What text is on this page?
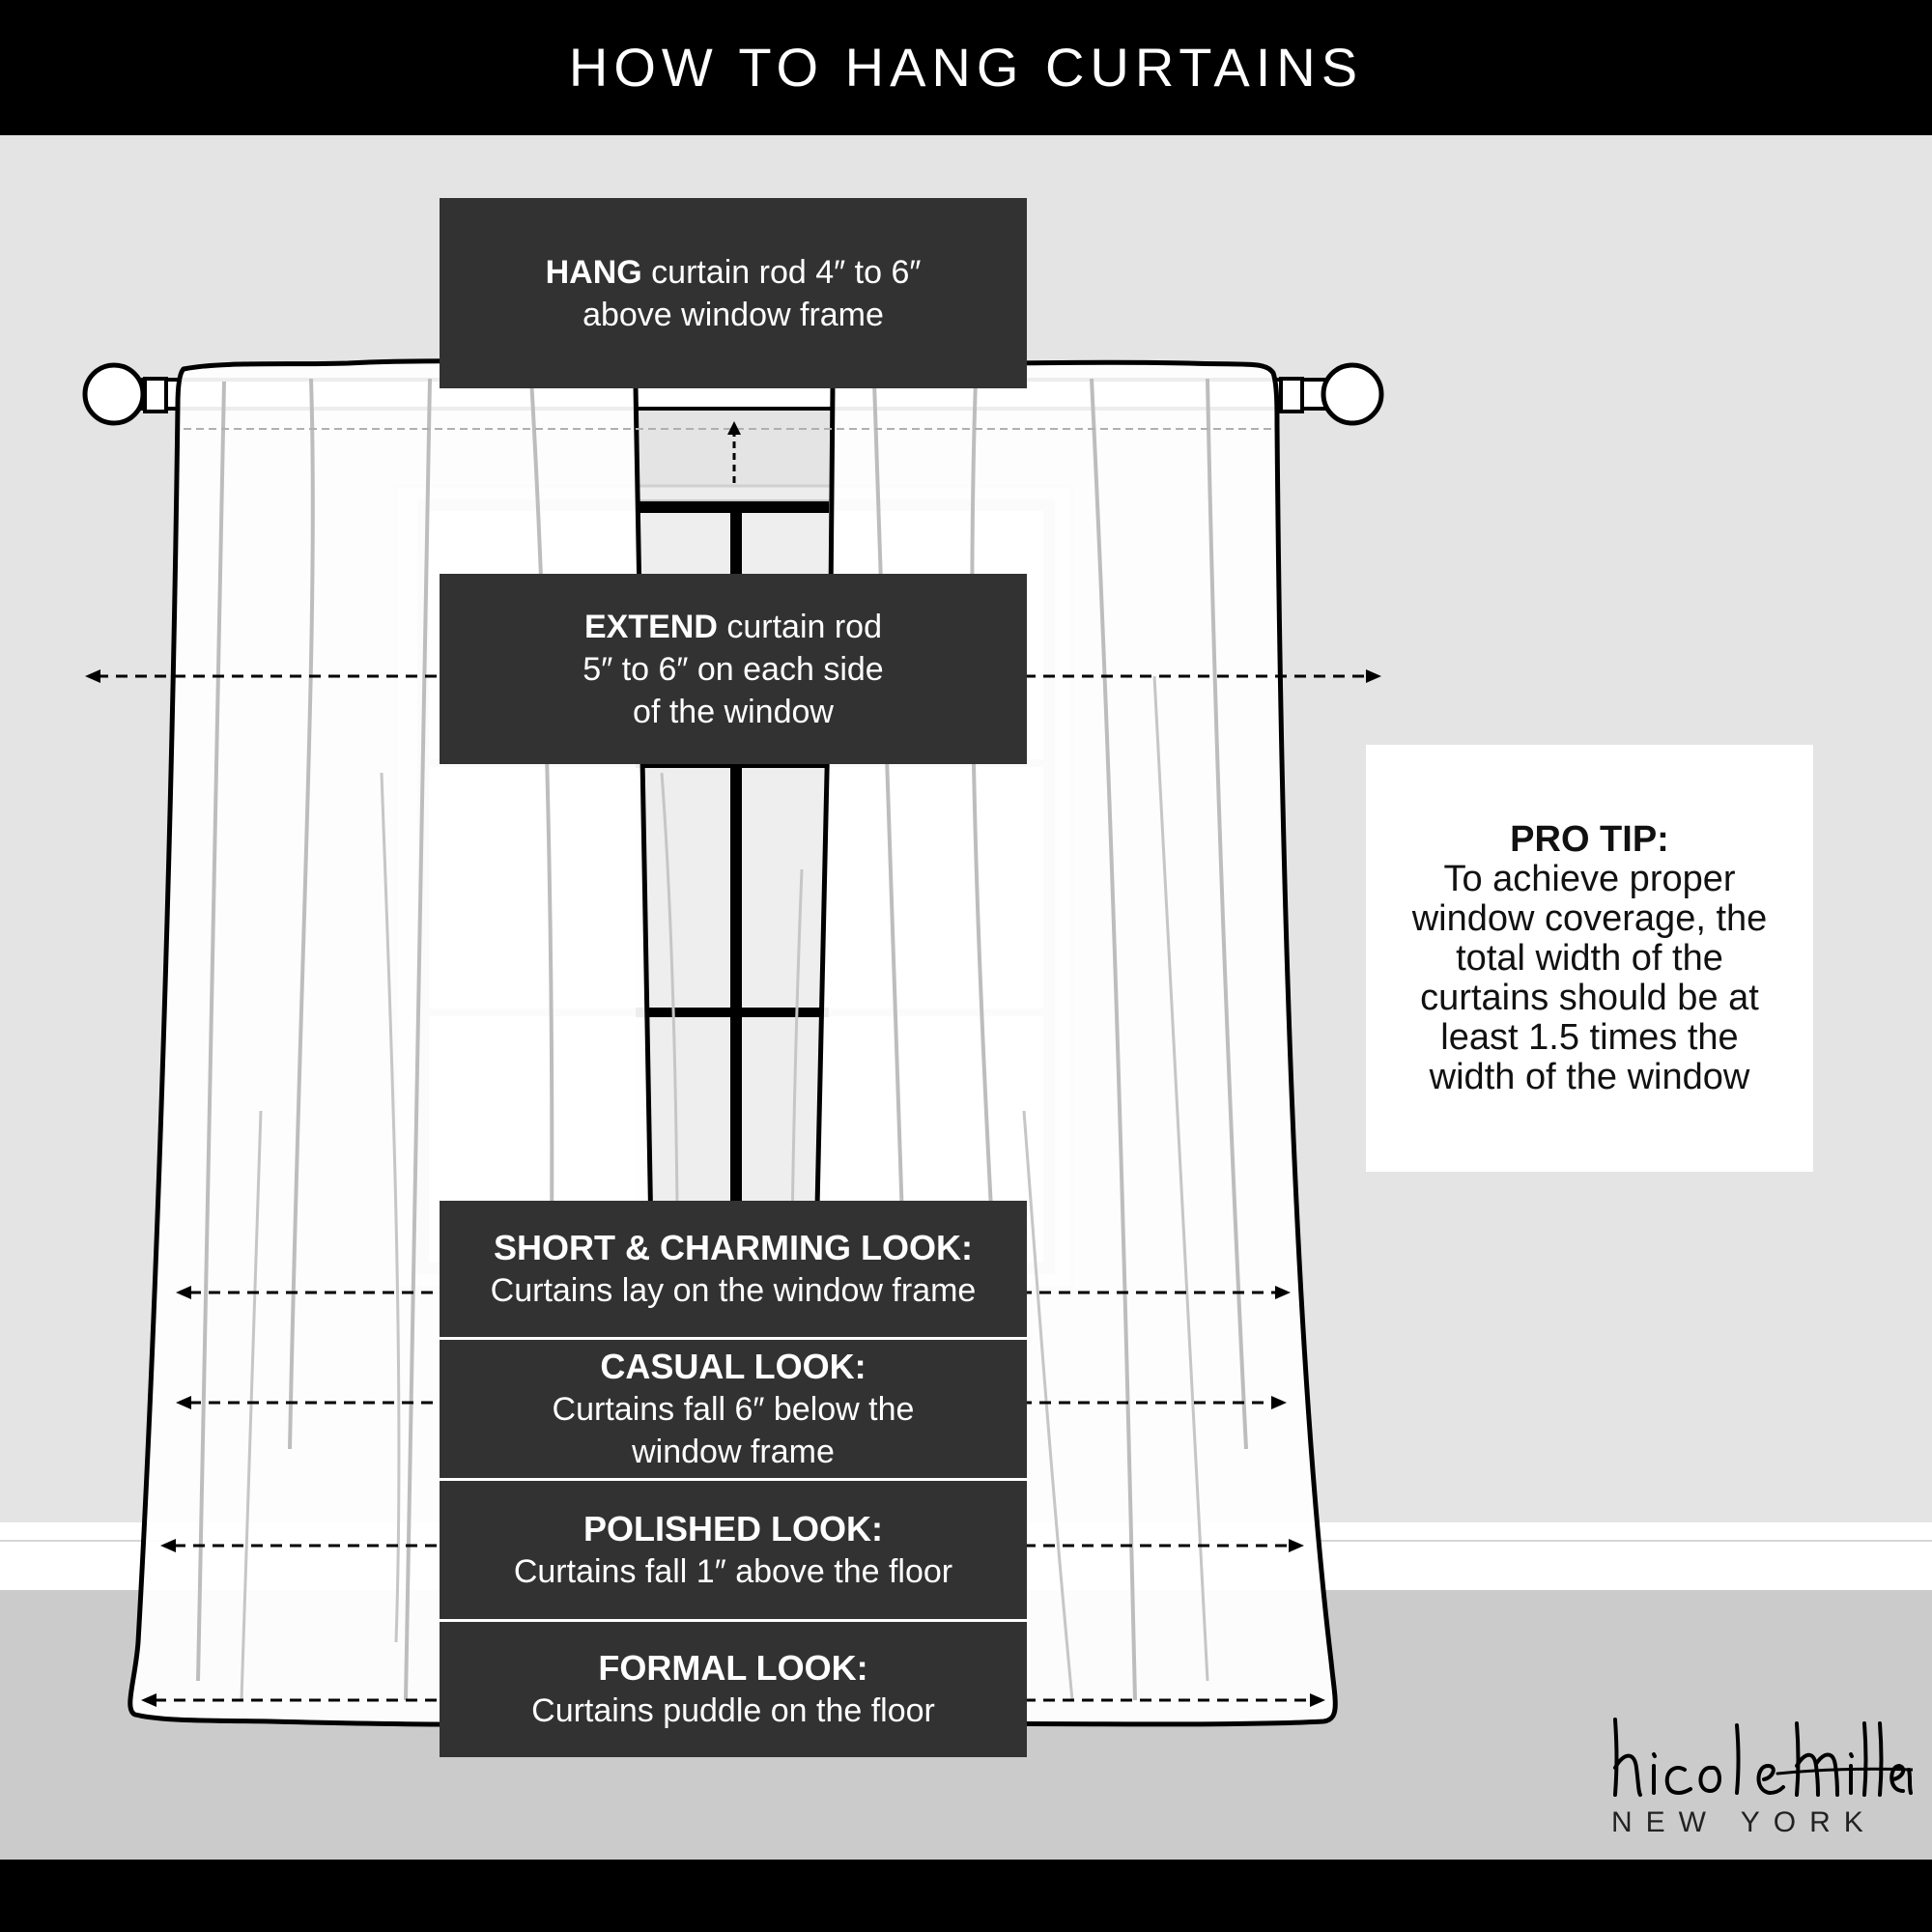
HOW TO HANG CURTAINS
HANG curtain rod 4″ to 6″
above window frame
EXTEND curtain rod
5″ to 6″ on each side
of the window
SHORT & CHARMING LOOK:
Curtains lay on the window frame
CASUAL LOOK:
Curtains fall 6″ below the
window frame
POLISHED LOOK:
Curtains fall 1″ above the floor
FORMAL LOOK:
Curtains puddle on the floor
PRO TIP:
To achieve proper window coverage, the total width of the curtains should be at least 1.5 times the width of the window
NEW YORK
